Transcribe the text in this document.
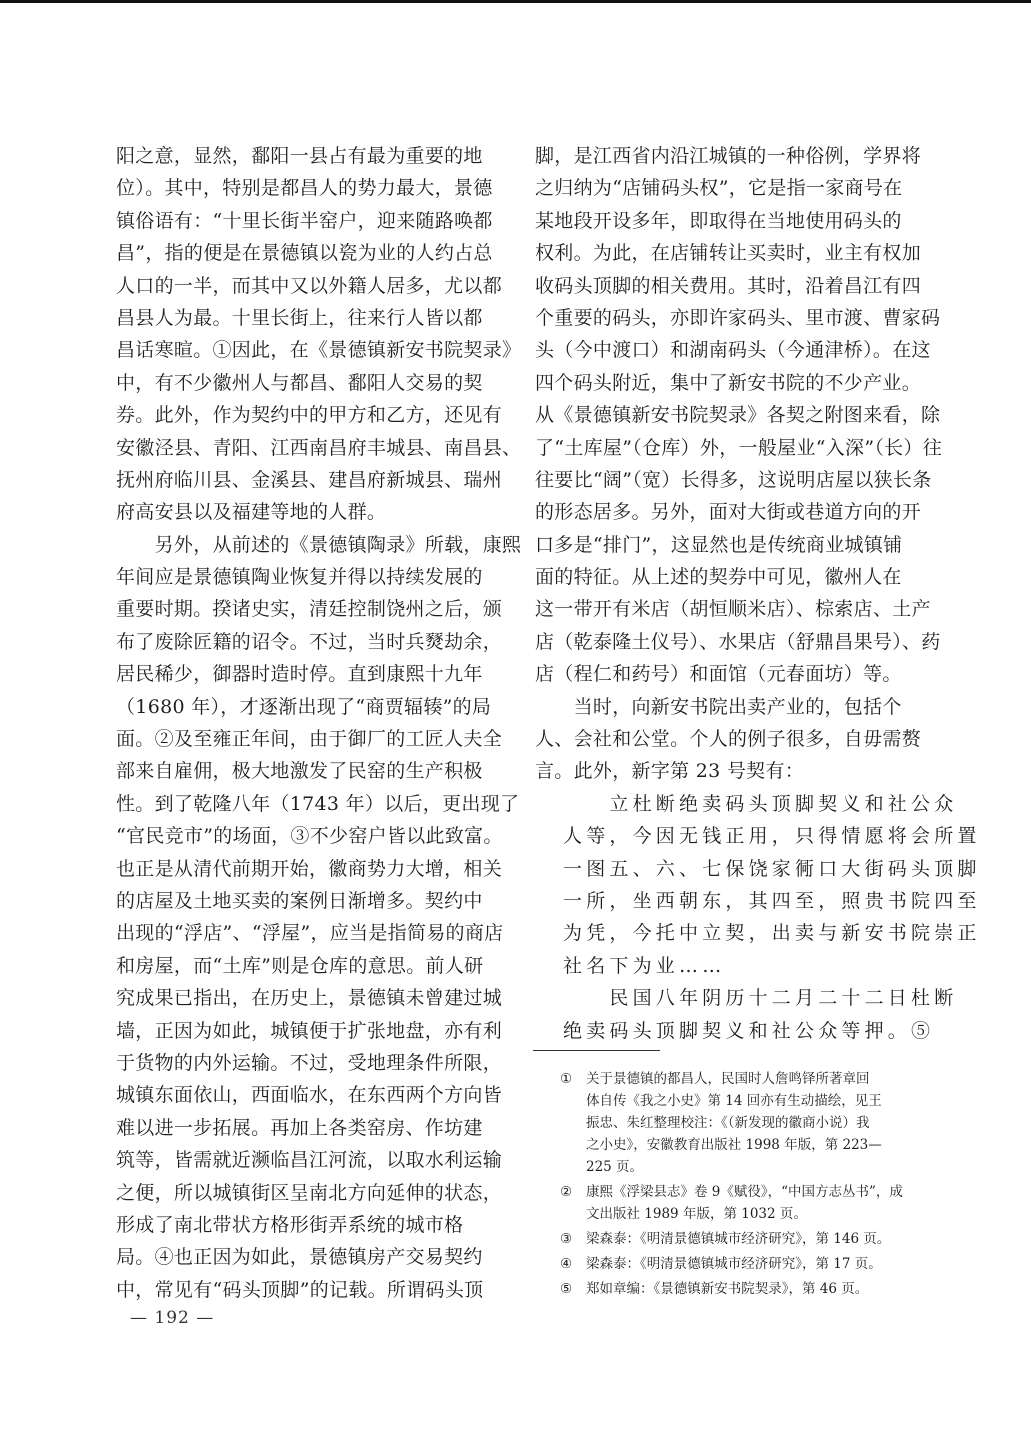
阳之意，显然，鄱阳一县占有最为重要的地
位）。其中，特别是都昌人的势力最大，景德
镇俗语有：“十里长街半窑户，迎来随路唤都
昌”，指的便是在景德镇以瓷为业的人约占总
人口的一半，而其中又以外籍人居多，尤以都
昌县人为最。十里长街上，往来行人皆以都
昌话寒暄。①因此，在《景德镇新安书院契录》
中，有不少徽州人与都昌、鄱阳人交易的契
券。此外，作为契约中的甲方和乙方，还见有
安徽泾县、青阳、江西南昌府丰城县、南昌县、
抚州府临川县、金溪县、建昌府新城县、瑞州
府高安县以及福建等地的人群。
　　另外，从前述的《景德镇陶录》所载，康熙
年间应是景德镇陶业恢复并得以持续发展的
重要时期。揆诸史实，清廷控制饶州之后，颁
布了废除匠籍的诏令。不过，当时兵燹劫余，
居民稀少，御器时造时停。直到康熙十九年
（1680 年），才逐渐出现了“商贾辐辏”的局
面。②及至雍正年间，由于御厂的工匠人夫全
部来自雇佣，极大地激发了民窑的生产积极
性。到了乾隆八年（1743 年）以后，更出现了
“官民竞市”的场面，③不少窑户皆以此致富。
也正是从清代前期开始，徽商势力大增，相关
的店屋及土地买卖的案例日渐增多。契约中
出现的“浮店”、“浮屋”，应当是指简易的商店
和房屋，而“土库”则是仓库的意思。前人研
究成果已指出，在历史上，景德镇未曾建过城
墙，正因为如此，城镇便于扩张地盘，亦有利
于货物的内外运输。不过，受地理条件所限，
城镇东面依山，西面临水，在东西两个方向皆
难以进一步拓展。再加上各类窑房、作坊建
筑等，皆需就近濒临昌江河流，以取水利运输
之便，所以城镇街区呈南北方向延伸的状态，
形成了南北带状方格形街弄系统的城市格
局。④也正因为如此，景德镇房产交易契约
中，常见有“码头顶脚”的记载。所谓码头顶
脚，是江西省内沿江城镇的一种俗例，学界将
之归纳为“店铺码头权”，它是指一家商号在
某地段开设多年，即取得在当地使用码头的
权利。为此，在店铺转让买卖时，业主有权加
收码头顶脚的相关费用。其时，沿着昌江有四
个重要的码头，亦即许家码头、里市渡、曹家码
头（今中渡口）和湖南码头（今通津桥）。在这
四个码头附近，集中了新安书院的不少产业。
从《景德镇新安书院契录》各契之附图来看，除
了“土库屋”（仓库）外，一般屋业“入深”（长）往
往要比“阔”（宽）长得多，这说明店屋以狭长条
的形态居多。另外，面对大街或巷道方向的开
口多是“排门”，这显然也是传统商业城镇铺
面的特征。从上述的契券中可见，徽州人在
这一带开有米店（胡恒顺米店）、棕索店、土产
店（乾泰隆土仪号）、水果店（舒鼎昌果号）、药
店（程仁和药号）和面馆（元春面坊）等。
　　当时，向新安书院出卖产业的，包括个
人、会社和公堂。个人的例子很多，自毋需赘
言。此外，新字第 23 号契有：
　　立杜断绝卖码头顶脚契义和社公众
人等，今因无钱正用，只得情愿将会所置
一图五、六、七保饶家衕口大街码头顶脚
一所，坐西朝东，其四至，照贵书院四至
为凭，今托中立契，出卖与新安书院崇正
社名下为业……
　　民国八年阴历十二月二十二日杜断
绝卖码头顶脚契义和社公众等押。⑤
① 关于景德镇的都昌人，民国时人詹鸣铎所著章回
体自传《我之小史》第 14 回亦有生动描绘，见王
振忠、朱红整理校注：《（新发现的徽商小说）我
之小史》，安徽教育出版社 1998 年版，第 223—
225 页。
② 康熙《浮梁县志》卷 9《赋役》，“中国方志丛书”，成
文出版社 1989 年版，第 1032 页。
③ 梁森泰：《明清景德镇城市经济研究》，第 146 页。
④ 梁森泰：《明清景德镇城市经济研究》，第 17 页。
⑤ 郑如章编：《景德镇新安书院契录》，第 46 页。
— 192 —
